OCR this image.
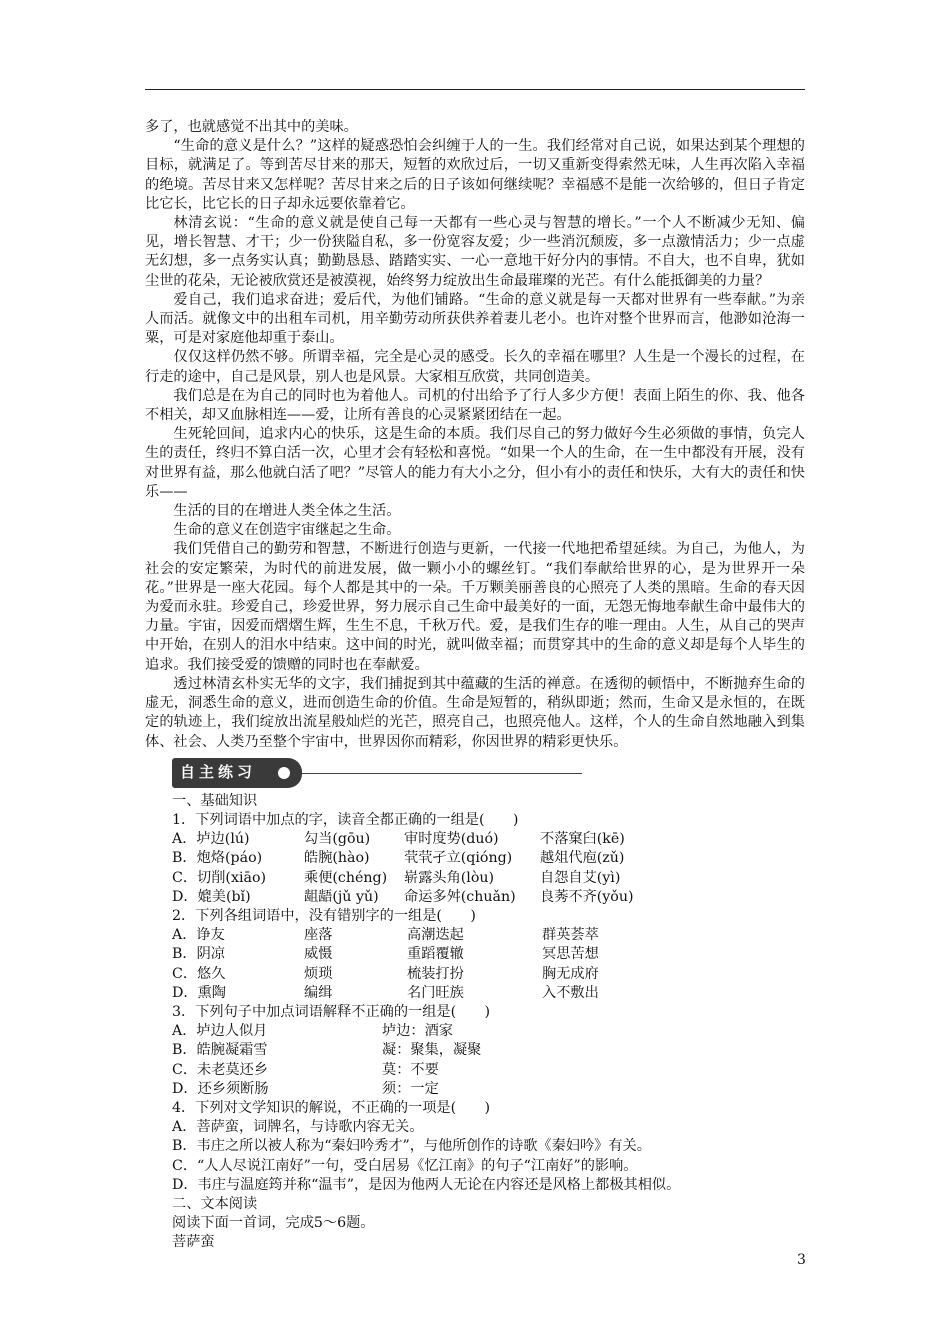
多了，也就感觉不出其中的美味。

“生命的意义是什么？”这样的疑惑恐怕会纠缠于人的一生。我们经常对自己说，如果达到某个理想的目标，就满足了。等到苦尽甘来的那天，短暂的欢欣过后，一切又重新变得索然无味，人生再次陷入幸福的绝境。苦尽甘来又怎样呢？苦尽甘来之后的日子该如何继续呢？幸福感不是能一次给够的，但日子肯定比它长，比它长的日子却永远要依靠着它。

林清玄说：“生命的意义就是使自己每一天都有一些心灵与智慧的增长。”一个人不断减少无知、偏见，增长智慧、才干；少一份狭隘自私，多一份宽容友爱；少一些消沉颓废，多一点激情活力；少一点虚无幻想，多一点务实认真；勤勤恳恳、踏踏实实、一心一意地干好分内的事情。不自大，也不自卑，犹如尘世的花朵，无论被欣赏还是被漠视，始终努力绽放出生命最璀璨的光芒。有什么能抵御美的力量？

爱自己，我们追求奋进；爱后代，为他们铺路。“生命的意义就是每一天都对世界有一些奉献。”为亲人而活。就像文中的出租车司机，用辛勤劳动所获供养着妻儿老小。也许对整个世界而言，他渺如沧海一粟，可是对家庭他却重于泰山。

仅仅这样仍然不够。所谓幸福，完全是心灵的感受。长久的幸福在哪里？人生是一个漫长的过程，在行走的途中，自己是风景，别人也是风景。大家相互欣赏，共同创造美。

我们总是在为自己的同时也为着他人。司机的付出给予了行人多少方便！表面上陌生的你、我、他各不相关，却又血脉相连——爱，让所有善良的心灵紧紧团结在一起。

生死轮回间，追求内心的快乐，这是生命的本质。我们尽自己的努力做好今生必须做的事情，负完人生的责任，终归不算白活一次，心里才会有轻松和喜悦。“如果一个人的生命，在一生中都没有开展，没有对世界有益，那么他就白活了吧？”尽管人的能力有大小之分，但小有小的责任和快乐，大有大的责任和快乐——

生活的目的在增进人类全体之生活。

生命的意义在创造宇宙继起之生命。

我们凭借自己的勤劳和智慧，不断进行创造与更新，一代接一代地把希望延续。为自己，为他人，为社会的安定繁荣，为时代的前进发展，做一颗小小的螺丝钉。“我们奉献给世界的心，是为世界开一朵花。”世界是一座大花园。每个人都是其中的一朵。千万颗美丽善良的心照亮了人类的黑暗。生命的春天因为爱而永驻。珍爱自己，珍爱世界，努力展示自己生命中最美好的一面，无怨无悔地奉献生命中最伟大的力量。宇宙，因爱而熠熠生辉，生生不息，千秋万代。爱，是我们生存的唯一理由。人生，从自己的哭声中开始，在别人的泪水中结束。这中间的时光，就叫做幸福；而贯穿其中的生命的意义却是每个人毕生的追求。我们接受爱的馈赠的同时也在奉献爱。

透过林清玄朴实无华的文字，我们捕捉到其中蕴藏的生活的禅意。在透彻的顿悟中，不断抛弃生命的虚无，洞悉生命的意义，进而创造生命的价值。生命是短暂的，稍纵即逝；然而，生命又是永恒的，在既定的轨迹上，我们绽放出流星般灿烂的光芒，照亮自己，也照亮他人。这样，个人的生命自然地融入到集体、社会、人类乃至整个宇宙中，世界因你而精彩，你因世界的精彩更快乐。

自主练习

一、基础知识

1．下列词语中加点的字，读音全都正确的一组是(　　)

A．垆边(lú)	勾当(gōu)	审时度势(duó)	不落窠臼(kē)
B．炮烙(páo)	皓腕(hào)	茕茕孑立(qióng)	越俎代庖(zǔ)
C．切削(xiāo)	乘便(chéng)	崭露头角(lòu)	自怨自艾(yì)
D．媲美(bǐ)	龃龉(jǔ yǔ)	命运多舛(chuǎn)	良莠不齐(yǒu)

2．下列各组词语中，没有错别字的一组是(　　)

A．诤友	座落	高潮迭起	群英荟萃
B．阴凉	威慑	重蹈覆辙	冥思苦想
C．悠久	烦琐	梳装打扮	胸无成府
D．熏陶	编缉	名门旺族	入不敷出

3．下列句子中加点词语解释不正确的一组是(　　)

A．垆边人似月	垆边：酒家
B．皓腕凝霜雪	凝：聚集，凝聚
C．未老莫还乡	莫：不要
D．还乡须断肠	须：一定

4．下列对文学知识的解说，不正确的一项是(　　)

A．菩萨蛮，词牌名，与诗歌内容无关。
B．韦庄之所以被人称为“秦妇吟秀才”，与他所创作的诗歌《秦妇吟》有关。
C．“人人尽说江南好”一句，受白居易《忆江南》的句子“江南好”的影响。
D．韦庄与温庭筠并称“温韦”，是因为他两人无论在内容还是风格上都极其相似。

二、文本阅读

阅读下面一首词，完成5～6题。

菩萨蛮

3
